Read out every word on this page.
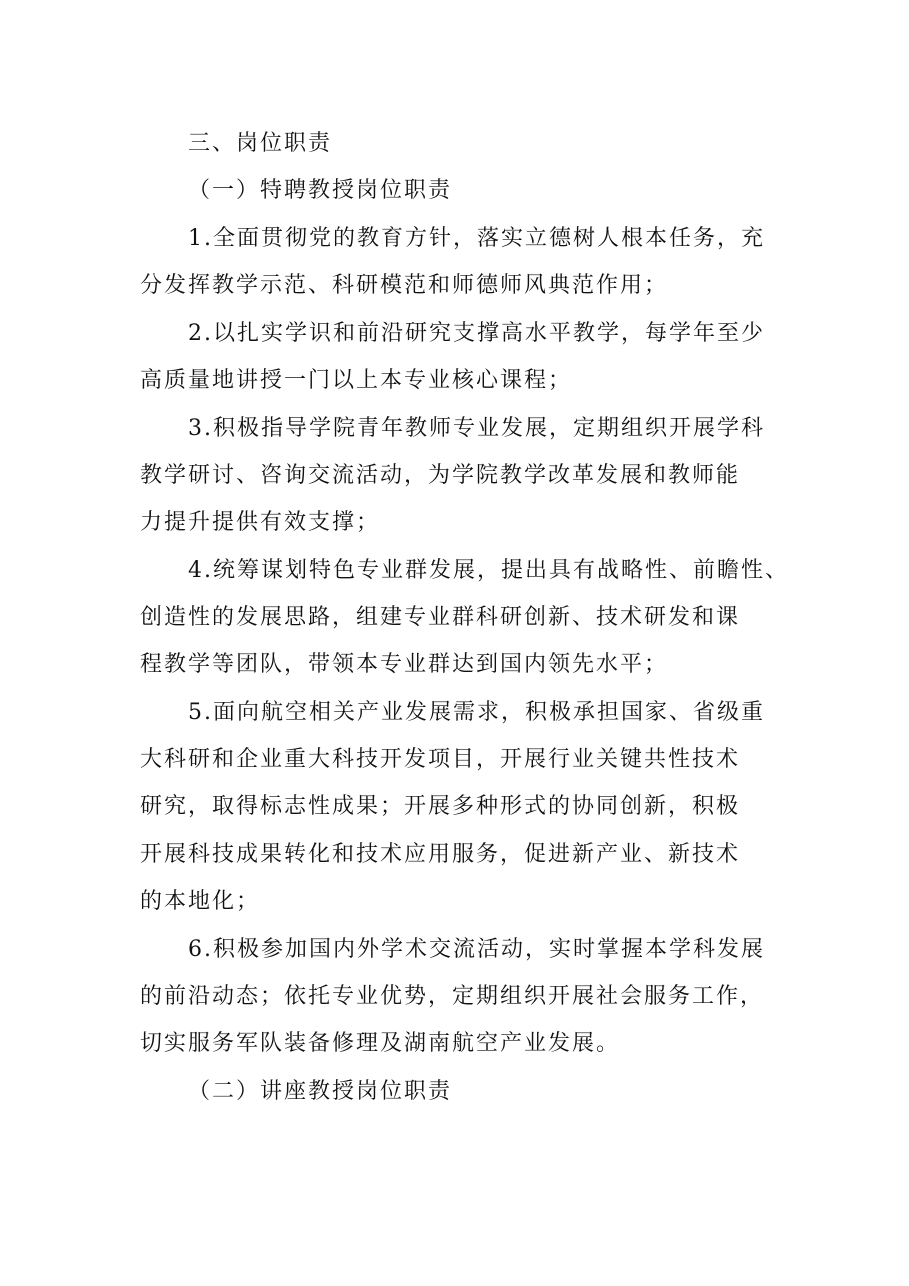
三、岗位职责
（一）特聘教授岗位职责
1.全面贯彻党的教育方针，落实立德树人根本任务，充
分发挥教学示范、科研模范和师德师风典范作用；
2.以扎实学识和前沿研究支撑高水平教学，每学年至少
高质量地讲授一门以上本专业核心课程；
3.积极指导学院青年教师专业发展，定期组织开展学科
教学研讨、咨询交流活动，为学院教学改革发展和教师能
力提升提供有效支撑；
4.统筹谋划特色专业群发展，提出具有战略性、前瞻性、
创造性的发展思路，组建专业群科研创新、技术研发和课
程教学等团队，带领本专业群达到国内领先水平；
5.面向航空相关产业发展需求，积极承担国家、省级重
大科研和企业重大科技开发项目，开展行业关键共性技术
研究，取得标志性成果；开展多种形式的协同创新，积极
开展科技成果转化和技术应用服务，促进新产业、新技术
的本地化；
6.积极参加国内外学术交流活动，实时掌握本学科发展
的前沿动态；依托专业优势，定期组织开展社会服务工作，
切实服务军队装备修理及湖南航空产业发展。
（二）讲座教授岗位职责
